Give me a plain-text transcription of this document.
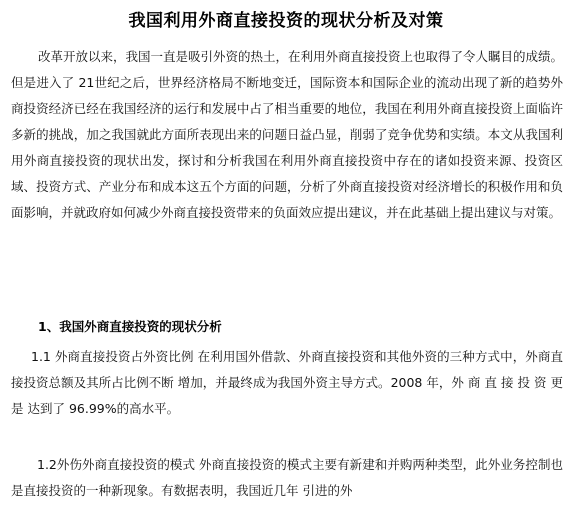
我国利用外商直接投资的现状分析及对策
改革开放以来，我国一直是吸引外资的热土，在利用外商直接投资上也取得了令人瞩目的成绩。但是进入了 21世纪之后，世界经济格局不断地变迁，国际资本和国际企业的流动出现了新的趋势外商投资经济已经在我国经济的运行和发展中占了相当重要的地位，我国在利用外商直接投资上面临许多新的挑战，加之我国就此方面所表现出来的问题日益凸显，削弱了竞争优势和实绩。本文从我国利用外商直接投资的现状出发，探讨和分析我国在利用外商直接投资中存在的诸如投资来源、投资区域、投资方式、产业分布和成本这五个方面的问题，分析了外商直接投资对经济增长的积极作用和负面影响，并就政府如何减少外商直接投资带来的负面效应提出建议，并在此基础上提出建议与对策。
1、我国外商直接投资的现状分析
1.1 外商直接投资占外资比例 在利用国外借款、外商直接投资和其他外资的三种方式中，外商直接投资总额及其所占比例不断 增加，并最终成为我国外资主导方式。2008 年，外 商 直 接 投 资 更 是 达到了 96.99%的高水平。
1.2外伤外商直接投资的模式 外商直接投资的模式主要有新建和并购两种类型，此外业务控制也是直接投资的一种新现象。有数据表明，我国近几年 引进的外
